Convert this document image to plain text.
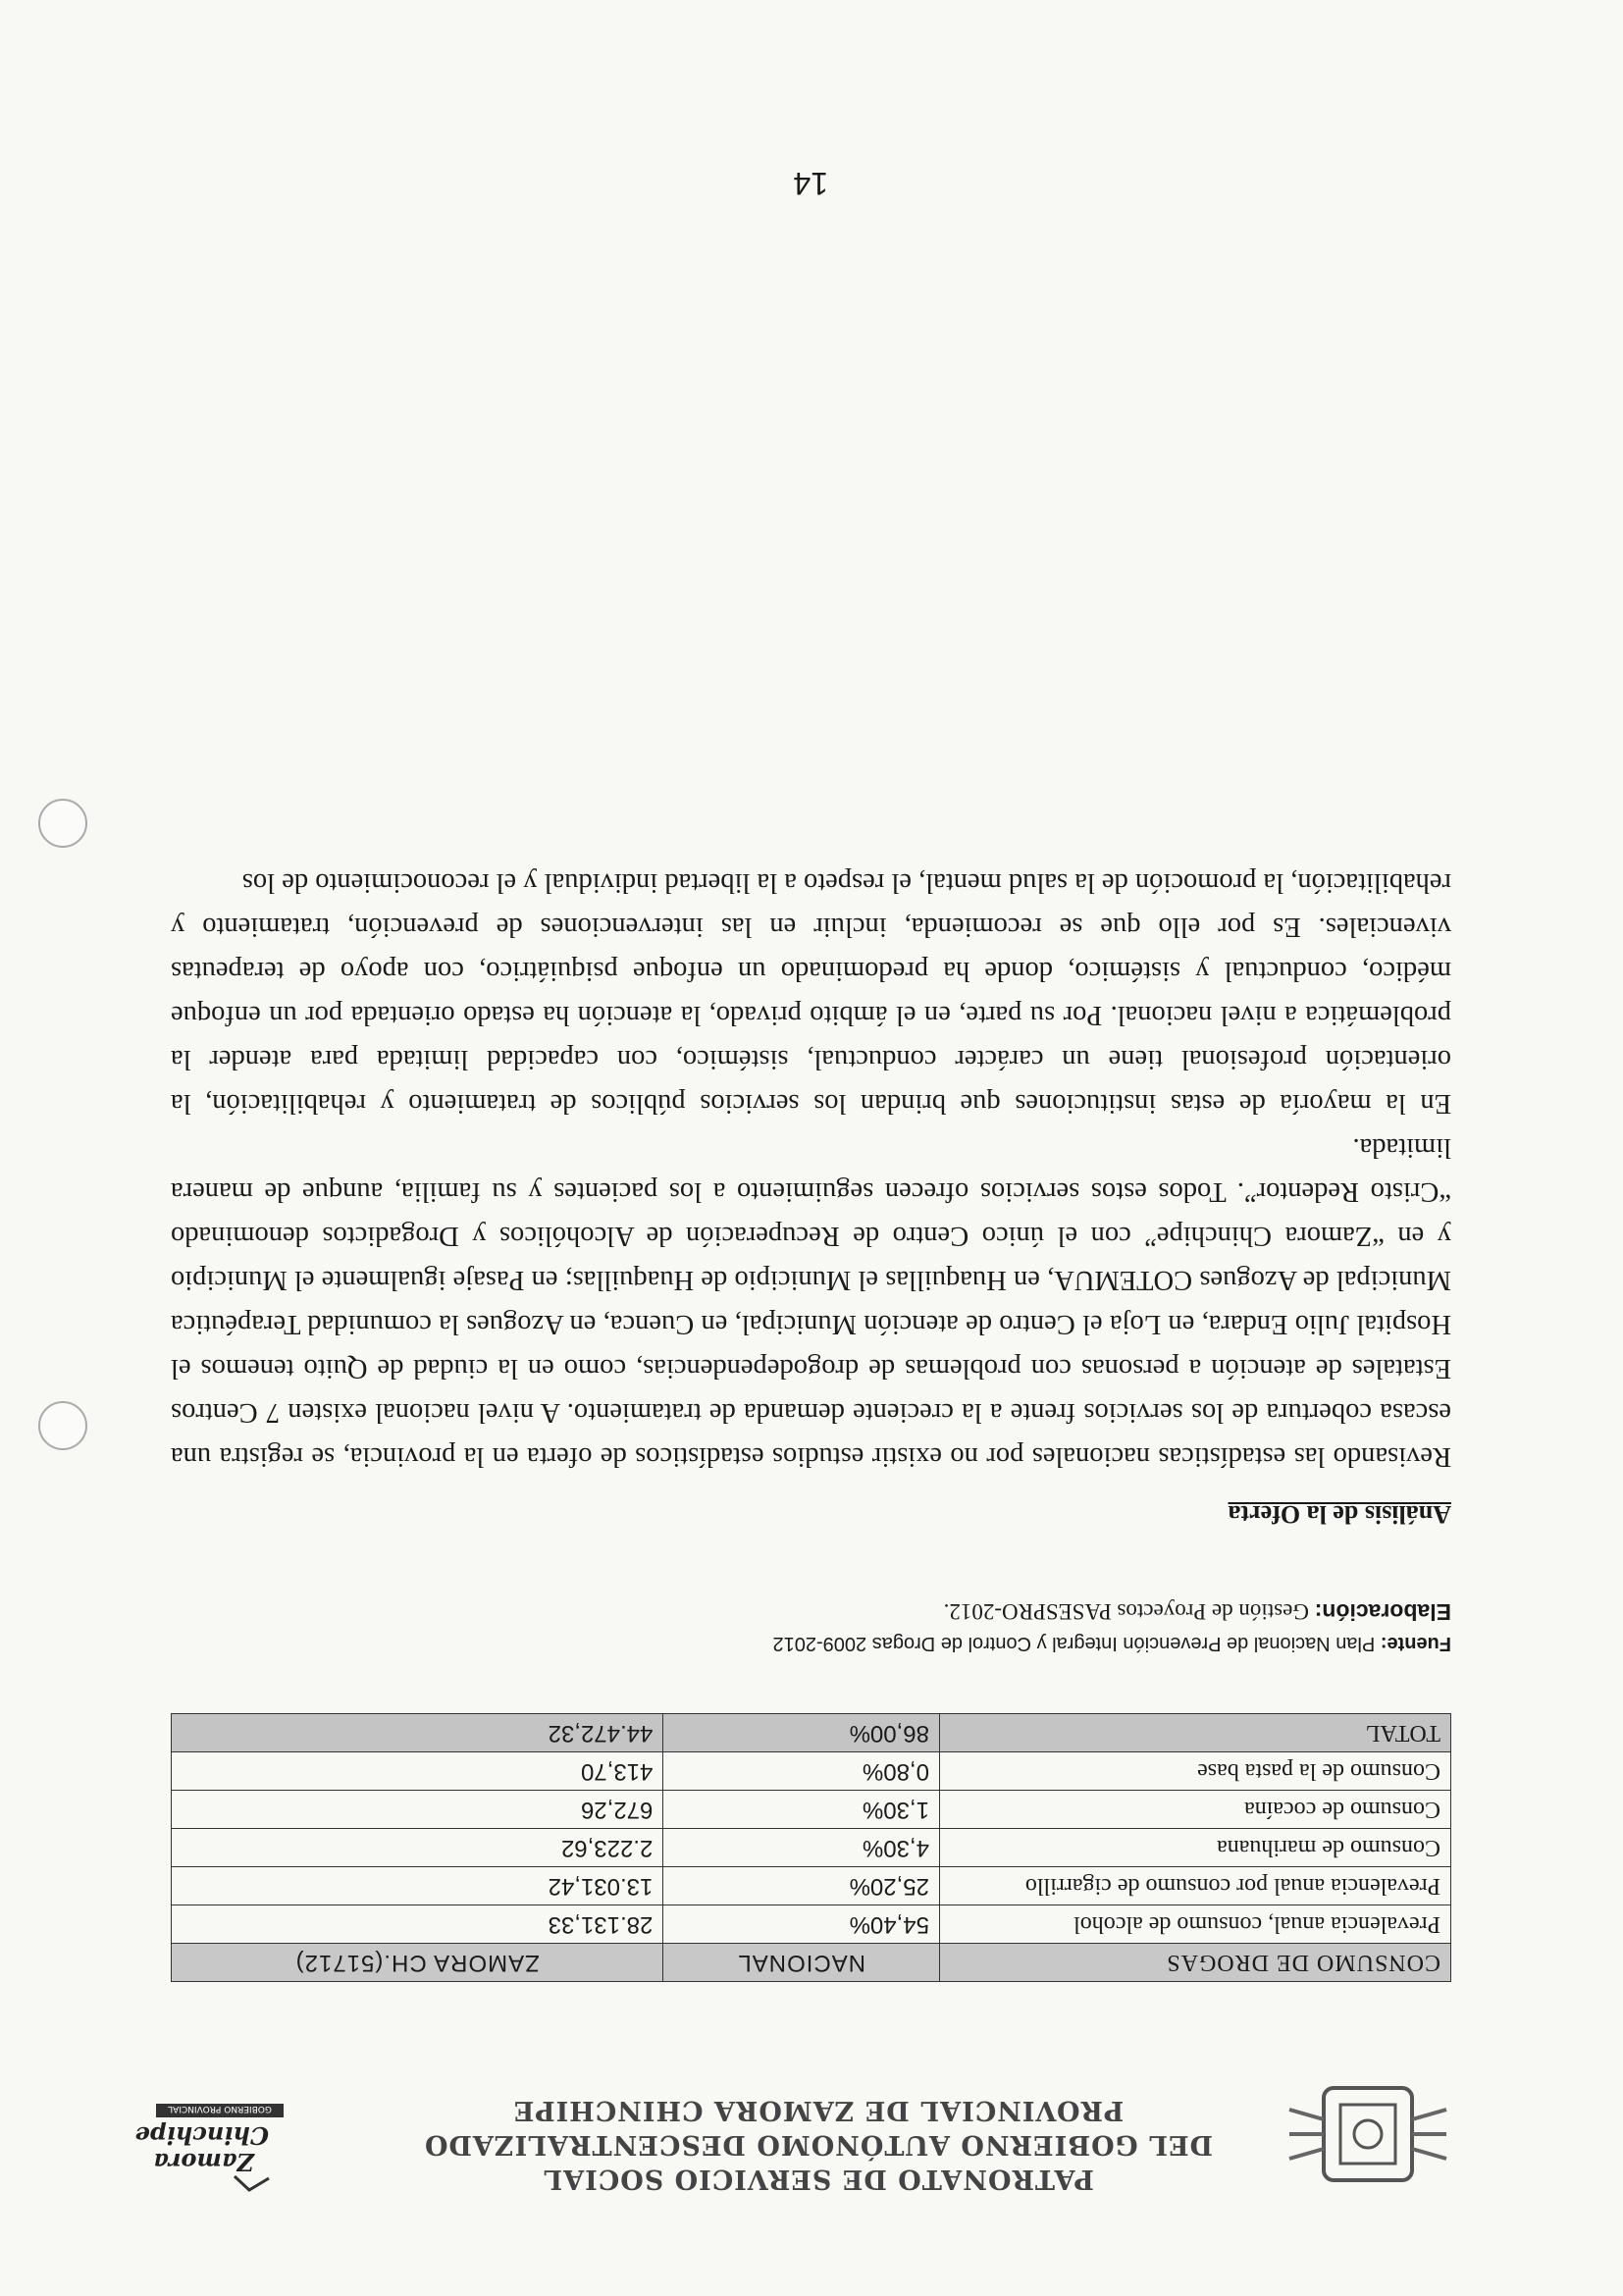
PATRONATO DE SERVICIO SOCIAL
DEL GOBIERNO AUTÓNOMO DESCENTRALIZADO
PROVINCIAL DE ZAMORA CHINCHIPE
Zamora
Chinchipe
GOBIERNO PROVINCIAL
CONSUMO DE DROGAS	NACIONAL	ZAMORA CH.(51712)
Prevalencia anual, consumo de alcohol	54,40%	28.131,33
Prevalencia anual por consumo de cigarrillo	25,20%	13.031,42
Consumo de marihuana	4,30%	2.223,62
Consumo de cocaína	1,30%	672,26
Consumo de la pasta base	0,80%	413,70
TOTAL	86,00%	44.472,32
Fuente: Plan Nacional de Prevención Integral y Control de Drogas 2009-2012
Elaboración: Gestión de Proyectos PASESPRO-2012.
Análisis de la Oferta

Revisando las estadísticas nacionales por no existir estudios estadísticos de oferta en la provincia, se registra una escasa cobertura de los servicios frente a la creciente demanda de tratamiento. A nivel nacional existen 7 Centros Estatales de atención a personas con problemas de drogodependencias, como en la ciudad de Quito tenemos el Hospital Julio Endara, en Loja el Centro de atención Municipal, en Cuenca, en Azogues la comunidad Terapéutica Municipal de Azogues COTEMUA, en Huaquillas el Municipio de Huaquillas; en Pasaje igualmente el Municipio y en “Zamora Chinchipe” con el único Centro de Recuperación de Alcohólicos y Drogadictos denominado “Cristo Redentor”. Todos estos servicios ofrecen seguimiento a los pacientes y su familia, aunque de manera limitada.

En la mayoría de estas instituciones que brindan los servicios públicos de tratamiento y rehabilitación, la orientación profesional tiene un carácter conductual, sistémico, con capacidad limitada para atender la problemática a nivel nacional. Por su parte, en el ámbito privado, la atención ha estado orientada por un enfoque médico, conductual y sistémico, donde ha predominado un enfoque psiquiátrico, con apoyo de terapeutas vivenciales. Es por ello que se recomienda, incluir en las intervenciones de prevención, tratamiento y rehabilitación, la promoción de la salud mental, el respeto a la libertad individual y el reconocimiento de los

14
